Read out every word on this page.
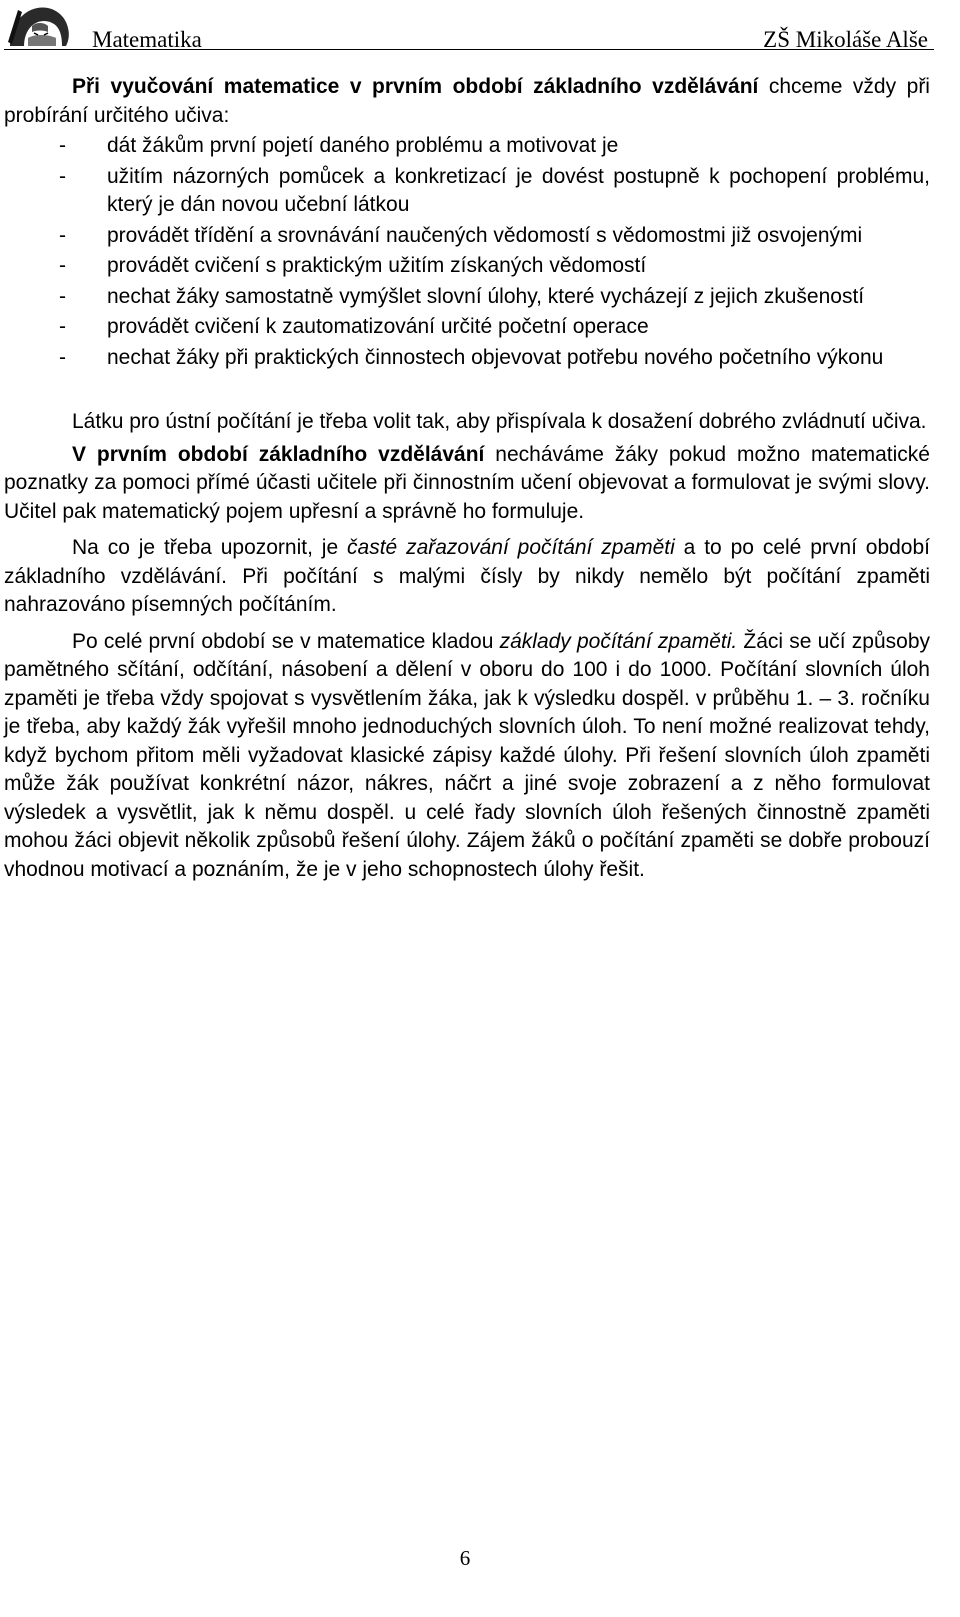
Matematika	ZŠ Mikoláše Alše

Při vyučování matematice v prvním období základního vzdělávání chceme vždy při probírání určitého učiva:

- dát žákům první pojetí daného problému a motivovat je
- užitím názorných pomůcek a konkretizací je dovést postupně k pochopení problému, který je dán novou učební látkou
- provádět třídění a srovnávání naučených vědomostí s vědomostmi již osvojenými
- provádět cvičení s praktickým užitím získaných vědomostí
- nechat žáky samostatně vymýšlet slovní úlohy, které vycházejí z jejich zkušeností
- provádět cvičení k zautomatizování určité početní operace
- nechat žáky při praktických činnostech objevovat potřebu nového početního výkonu

Látku pro ústní počítání je třeba volit tak, aby přispívala k dosažení dobrého zvládnutí učiva.

V prvním období základního vzdělávání necháváme žáky pokud možno matematické poznatky za pomoci přímé účasti učitele při činnostním učení objevovat a formulovat je svými slovy. Učitel pak matematický pojem upřesní a správně ho formuluje.

Na co je třeba upozornit, je časté zařazování počítání zpaměti a to po celé první období základního vzdělávání. Při počítání s malými čísly by nikdy nemělo být počítání zpaměti nahrazováno písemných počítáním.

Po celé první období se v matematice kladou základy počítání zpaměti. Žáci se učí způsoby pamětného sčítání, odčítání, násobení a dělení v oboru do 100 i do 1000. Počítání slovních úloh zpaměti je třeba vždy spojovat s vysvětlením žáka, jak k výsledku dospěl. v průběhu 1. – 3. ročníku je třeba, aby každý žák vyřešil mnoho jednoduchých slovních úloh. To není možné realizovat tehdy, když bychom přitom měli vyžadovat klasické zápisy každé úlohy. Při řešení slovních úloh zpaměti může žák používat konkrétní názor, nákres, náčrt a jiné svoje zobrazení a z něho formulovat výsledek a vysvětlit, jak k němu dospěl. u celé řady slovních úloh řešených činnostně zpaměti mohou žáci objevit několik způsobů řešení úlohy. Zájem žáků o počítání zpaměti se dobře probouzí vhodnou motivací a poznáním, že je v jeho schopnostech úlohy řešit.

6
